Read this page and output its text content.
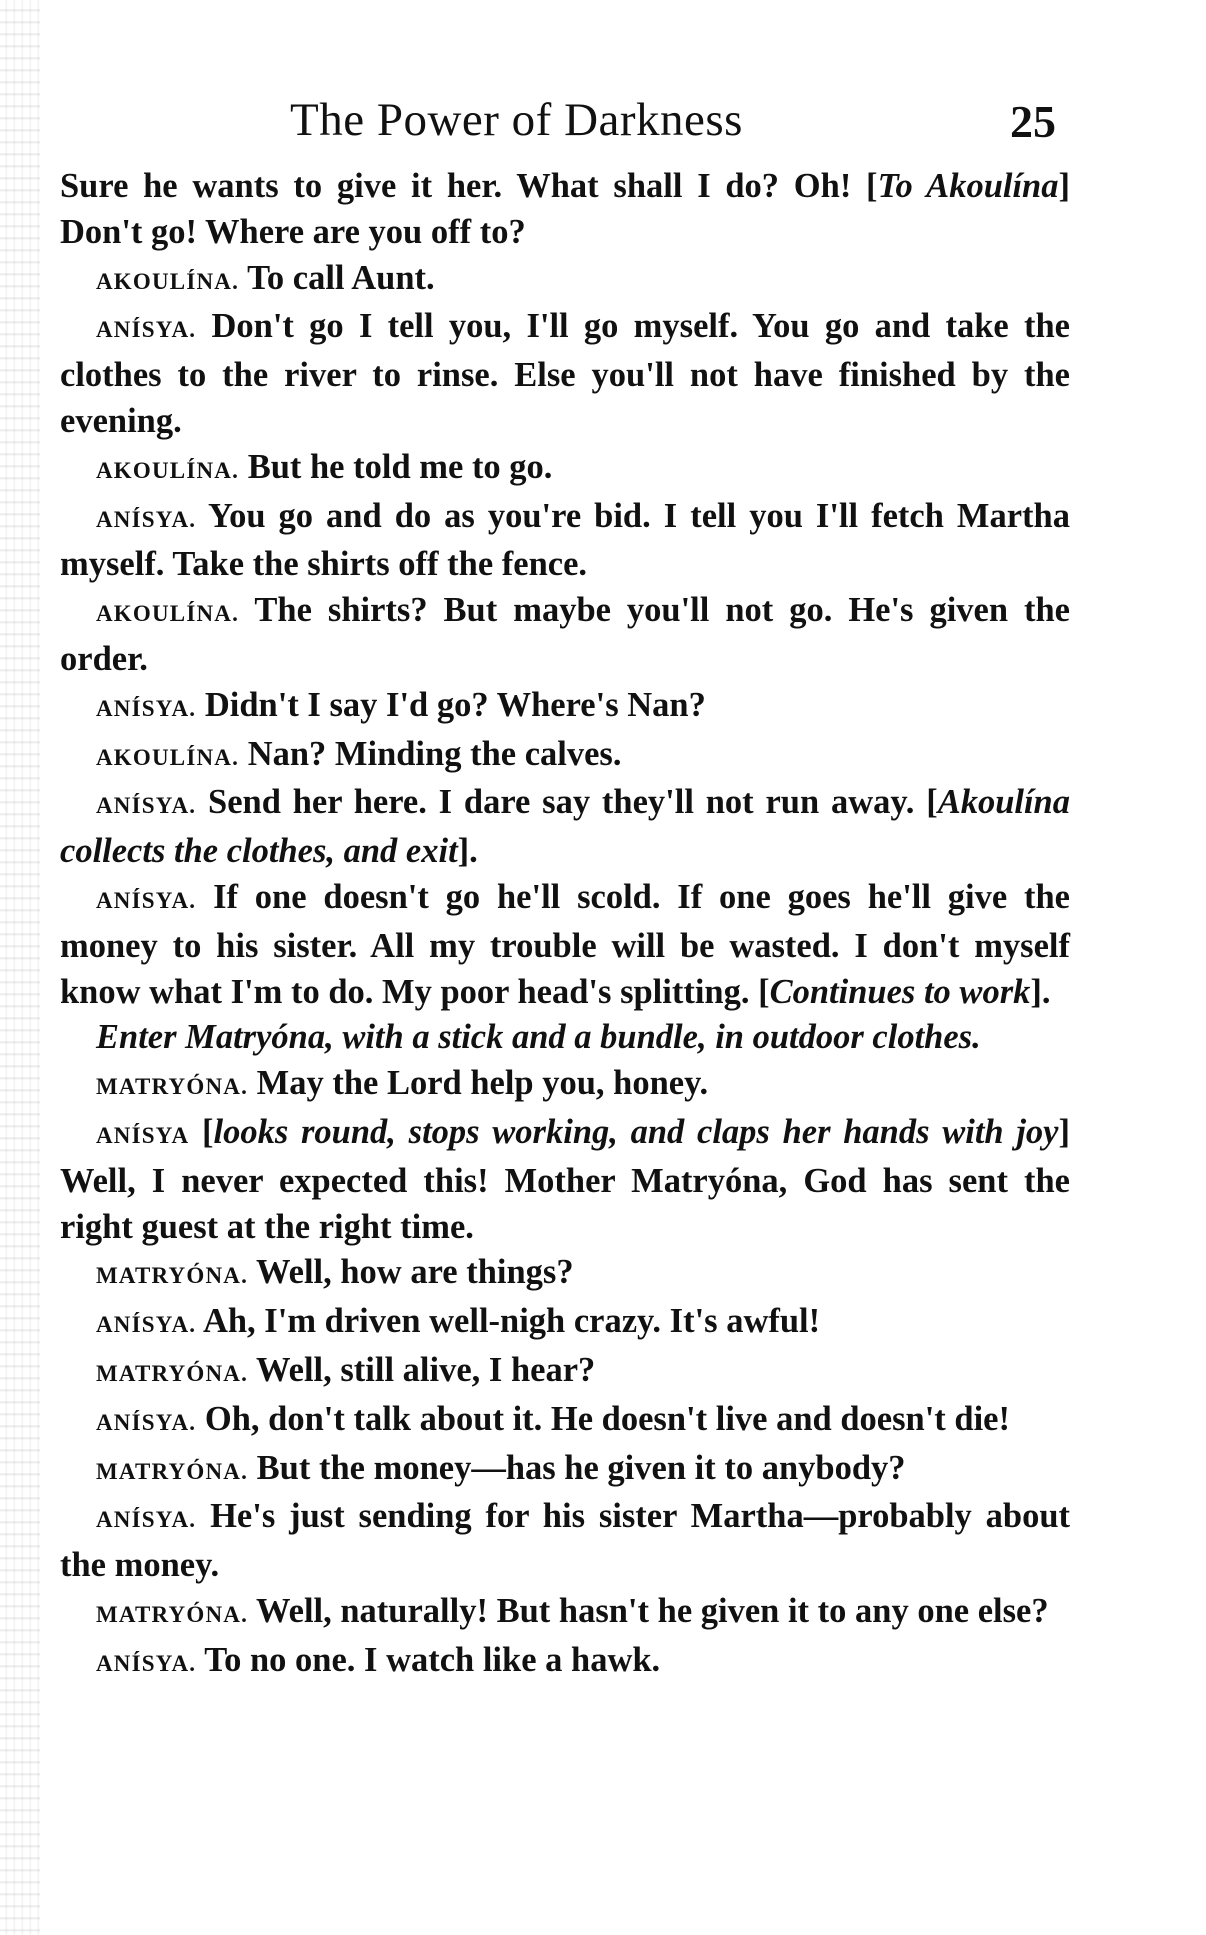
The Power of Darkness	25

Sure he wants to give it her. What shall I do? Oh! [To Akoulína] Don't go! Where are you off to?

AKOULÍNA. To call Aunt.

ANÍSYA. Don't go I tell you, I'll go myself. You go and take the clothes to the river to rinse. Else you'll not have finished by the evening.

AKOULÍNA. But he told me to go.

ANÍSYA. You go and do as you're bid. I tell you I'll fetch Martha myself. Take the shirts off the fence.

AKOULÍNA. The shirts? But maybe you'll not go. He's given the order.

ANÍSYA. Didn't I say I'd go? Where's Nan?

AKOULÍNA. Nan? Minding the calves.

ANÍSYA. Send her here. I dare say they'll not run away. [Akoulína collects the clothes, and exit].

ANÍSYA. If one doesn't go he'll scold. If one goes he'll give the money to his sister. All my trouble will be wasted. I don't myself know what I'm to do. My poor head's splitting. [Continues to work].

Enter Matryóna, with a stick and a bundle, in outdoor clothes.

MATRYÓNA. May the Lord help you, honey.

ANÍSYA [looks round, stops working, and claps her hands with joy] Well, I never expected this! Mother Matryóna, God has sent the right guest at the right time.

MATRYÓNA. Well, how are things?

ANÍSYA. Ah, I'm driven well-nigh crazy. It's awful!

MATRYÓNA. Well, still alive, I hear?

ANÍSYA. Oh, don't talk about it. He doesn't live and doesn't die!

MATRYÓNA. But the money—has he given it to anybody?

ANÍSYA. He's just sending for his sister Martha—probably about the money.

MATRYÓNA. Well, naturally! But hasn't he given it to any one else?

ANÍSYA. To no one. I watch like a hawk.
